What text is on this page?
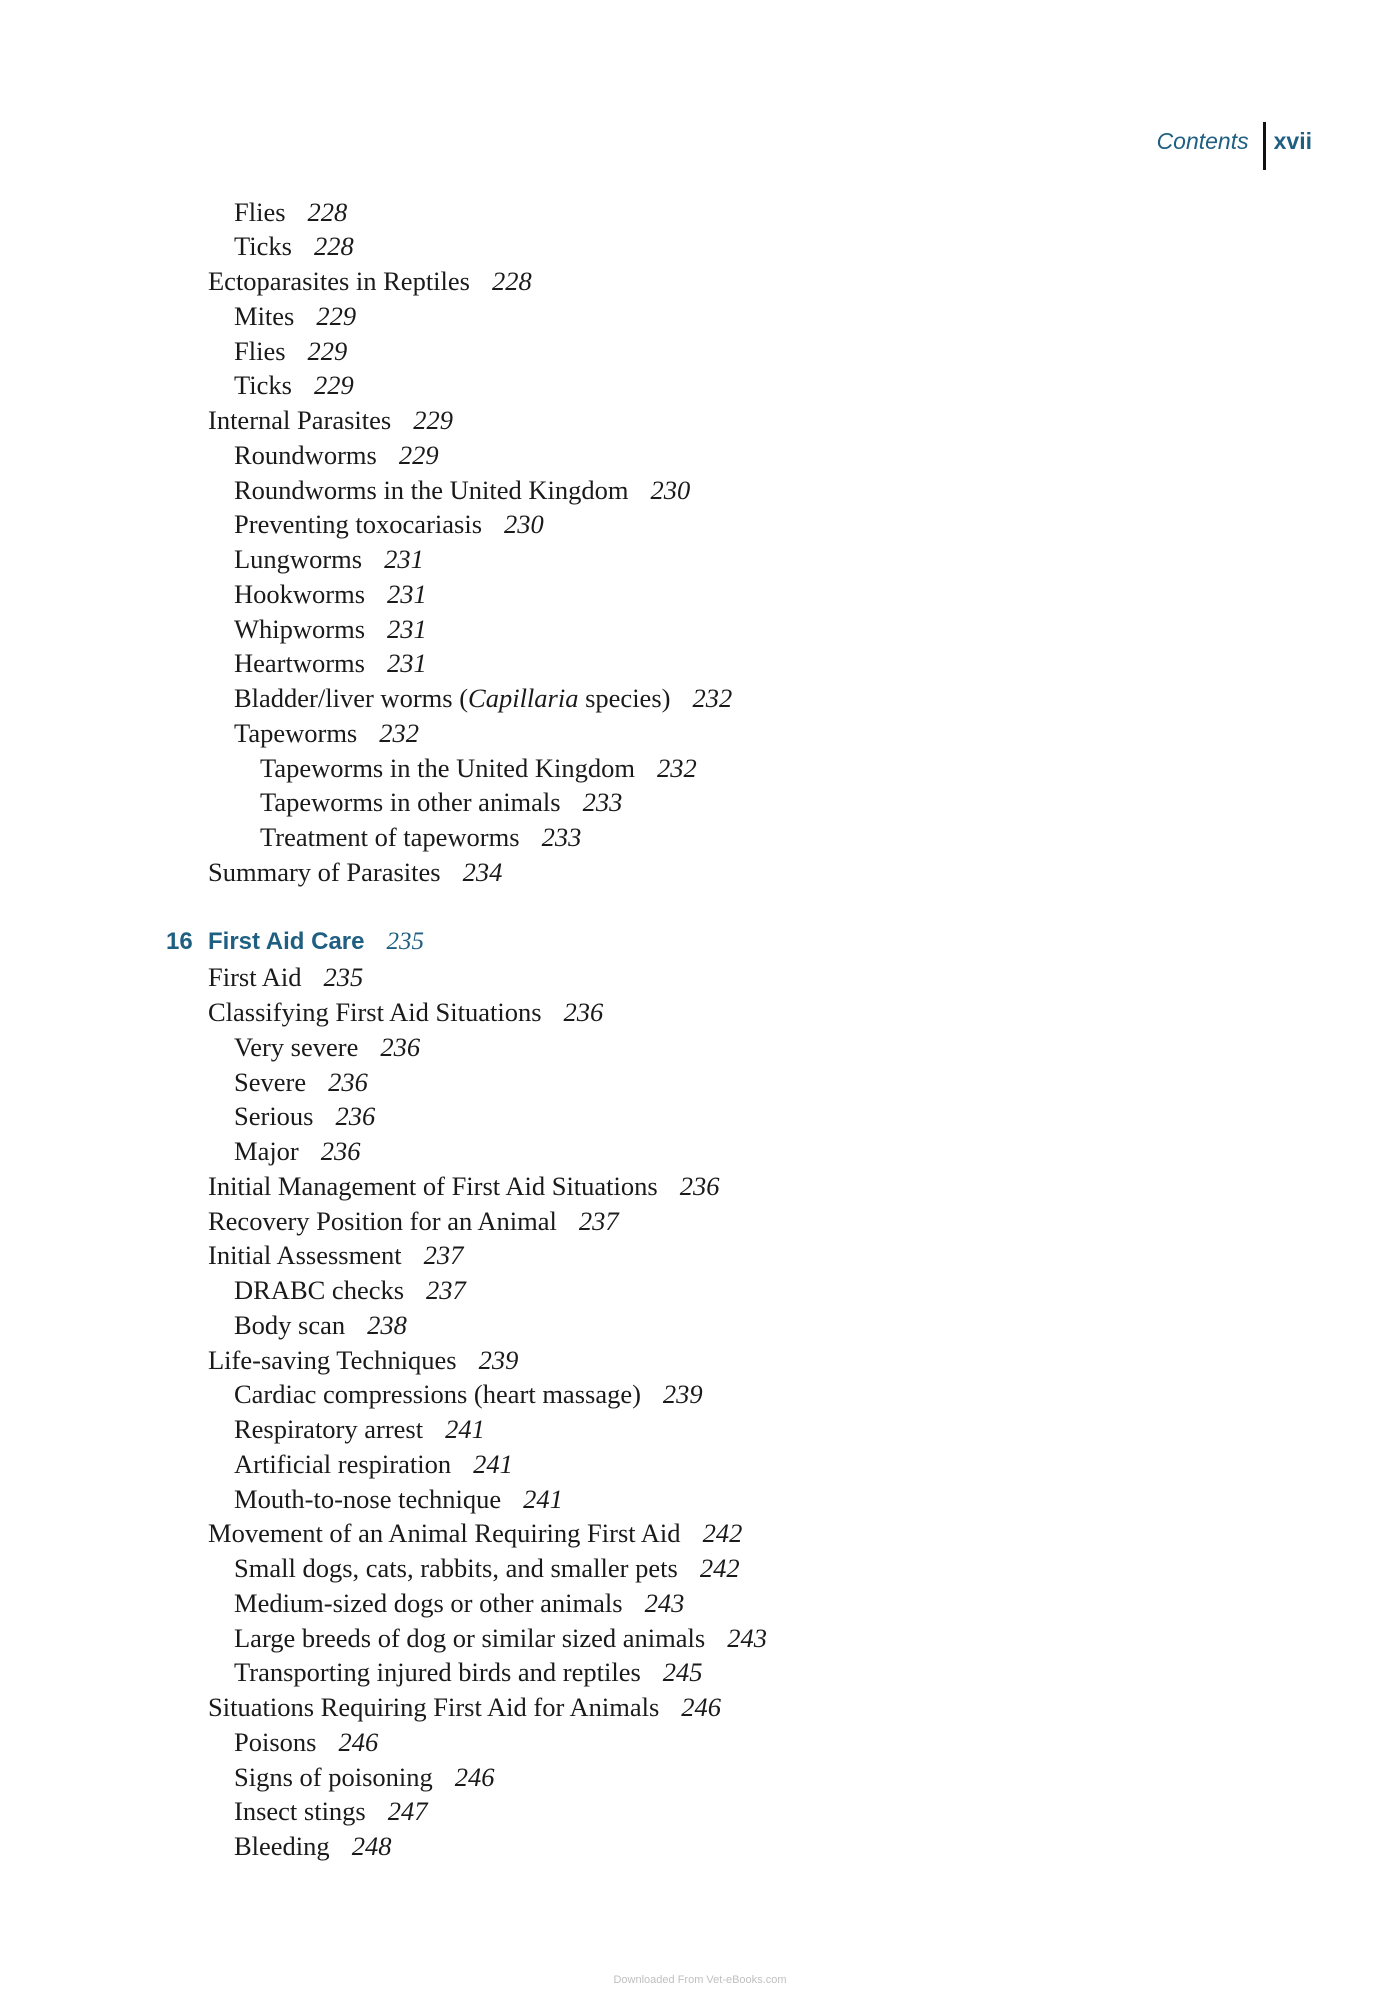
Contents	xvii
Flies 228
Ticks 228
Ectoparasites in Reptiles 228
Mites 229
Flies 229
Ticks 229
Internal Parasites 229
Roundworms 229
Roundworms in the United Kingdom 230
Preventing toxocariasis 230
Lungworms 231
Hookworms 231
Whipworms 231
Heartworms 231
Bladder/liver worms (Capillaria species) 232
Tapeworms 232
Tapeworms in the United Kingdom 232
Tapeworms in other animals 233
Treatment of tapeworms 233
Summary of Parasites 234
16 First Aid Care 235
First Aid 235
Classifying First Aid Situations 236
Very severe 236
Severe 236
Serious 236
Major 236
Initial Management of First Aid Situations 236
Recovery Position for an Animal 237
Initial Assessment 237
DRABC checks 237
Body scan 238
Life-saving Techniques 239
Cardiac compressions (heart massage) 239
Respiratory arrest 241
Artificial respiration 241
Mouth-to-nose technique 241
Movement of an Animal Requiring First Aid 242
Small dogs, cats, rabbits, and smaller pets 242
Medium-sized dogs or other animals 243
Large breeds of dog or similar sized animals 243
Transporting injured birds and reptiles 245
Situations Requiring First Aid for Animals 246
Poisons 246
Signs of poisoning 246
Insect stings 247
Bleeding 248
Downloaded From Vet-eBooks.com
